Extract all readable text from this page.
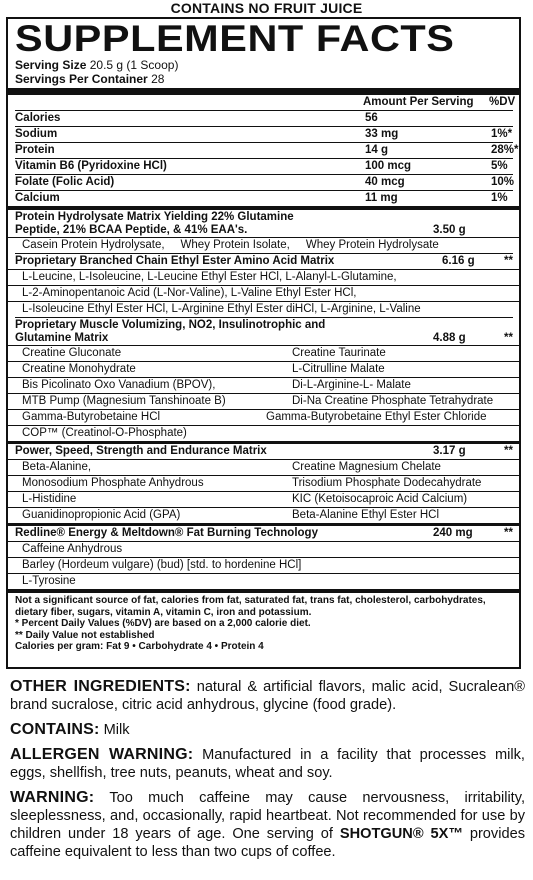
CONTAINS NO FRUIT JUICE
SUPPLEMENT FACTS
Serving Size 20.5 g (1 Scoop)
Servings Per Container 28
Amount Per Serving %DV
Calories	56
Sodium	33 mg	1%*
Protein	14 g	28%*
Vitamin B6 (Pyridoxine HCl)	100 mcg	5%
Folate (Folic Acid)	40 mcg	10%
Calcium	11 mg	1%
Protein Hydrolysate Matrix Yielding 22% Glutamine
Peptide, 21% BCAA Peptide, & 41% EAA's.	3.50 g
Casein Protein Hydrolysate, Whey Protein Isolate, Whey Protein Hydrolysate
Proprietary Branched Chain Ethyl Ester Amino Acid Matrix	6.16 g	**
L-Leucine, L-Isoleucine, L-Leucine Ethyl Ester HCl, L-Alanyl-L-Glutamine,
L-2-Aminopentanoic Acid (L-Nor-Valine), L-Valine Ethyl Ester HCl,
L-Isoleucine Ethyl Ester HCl, L-Arginine Ethyl Ester diHCl, L-Arginine, L-Valine
Proprietary Muscle Volumizing, NO2, Insulinotrophic and
Glutamine Matrix	4.88 g	**
Creatine Gluconate	Creatine Taurinate
Creatine Monohydrate	L-Citrulline Malate
Bis Picolinato Oxo Vanadium (BPOV),	Di-L-Arginine-L- Malate
MTB Pump (Magnesium Tanshinoate B)	Di-Na Creatine Phosphate Tetrahydrate
Gamma-Butyrobetaine HCl	Gamma-Butyrobetaine Ethyl Ester Chloride
COP™ (Creatinol-O-Phosphate)
Power, Speed, Strength and Endurance Matrix	3.17 g	**
Beta-Alanine,	Creatine Magnesium Chelate
Monosodium Phosphate Anhydrous	Trisodium Phosphate Dodecahydrate
L-Histidine	KIC (Ketoisocaproic Acid Calcium)
Guanidinopropionic Acid (GPA)	Beta-Alanine Ethyl Ester HCl
Redline® Energy & Meltdown® Fat Burning Technology	240 mg	**
Caffeine Anhydrous
Barley (Hordeum vulgare) (bud) [std. to hordenine HCl]
L-Tyrosine
Not a significant source of fat, calories from fat, saturated fat, trans fat, cholesterol, carbohydrates,
dietary fiber, sugars, vitamin A, vitamin C, iron and potassium.
* Percent Daily Values (%DV) are based on a 2,000 calorie diet.
** Daily Value not established
Calories per gram: Fat 9 • Carbohydrate 4 • Protein 4

OTHER INGREDIENTS: natural & artificial flavors, malic acid, Sucralean® brand sucralose, citric acid anhydrous, glycine (food grade).

CONTAINS: Milk

ALLERGEN WARNING: Manufactured in a facility that processes milk, eggs, shellfish, tree nuts, peanuts, wheat and soy.

WARNING: Too much caffeine may cause nervousness, irritability, sleeplessness, and, occasionally, rapid heartbeat. Not recommended for use by children under 18 years of age. One serving of SHOTGUN® 5X™ provides caffeine equivalent to less than two cups of coffee.
